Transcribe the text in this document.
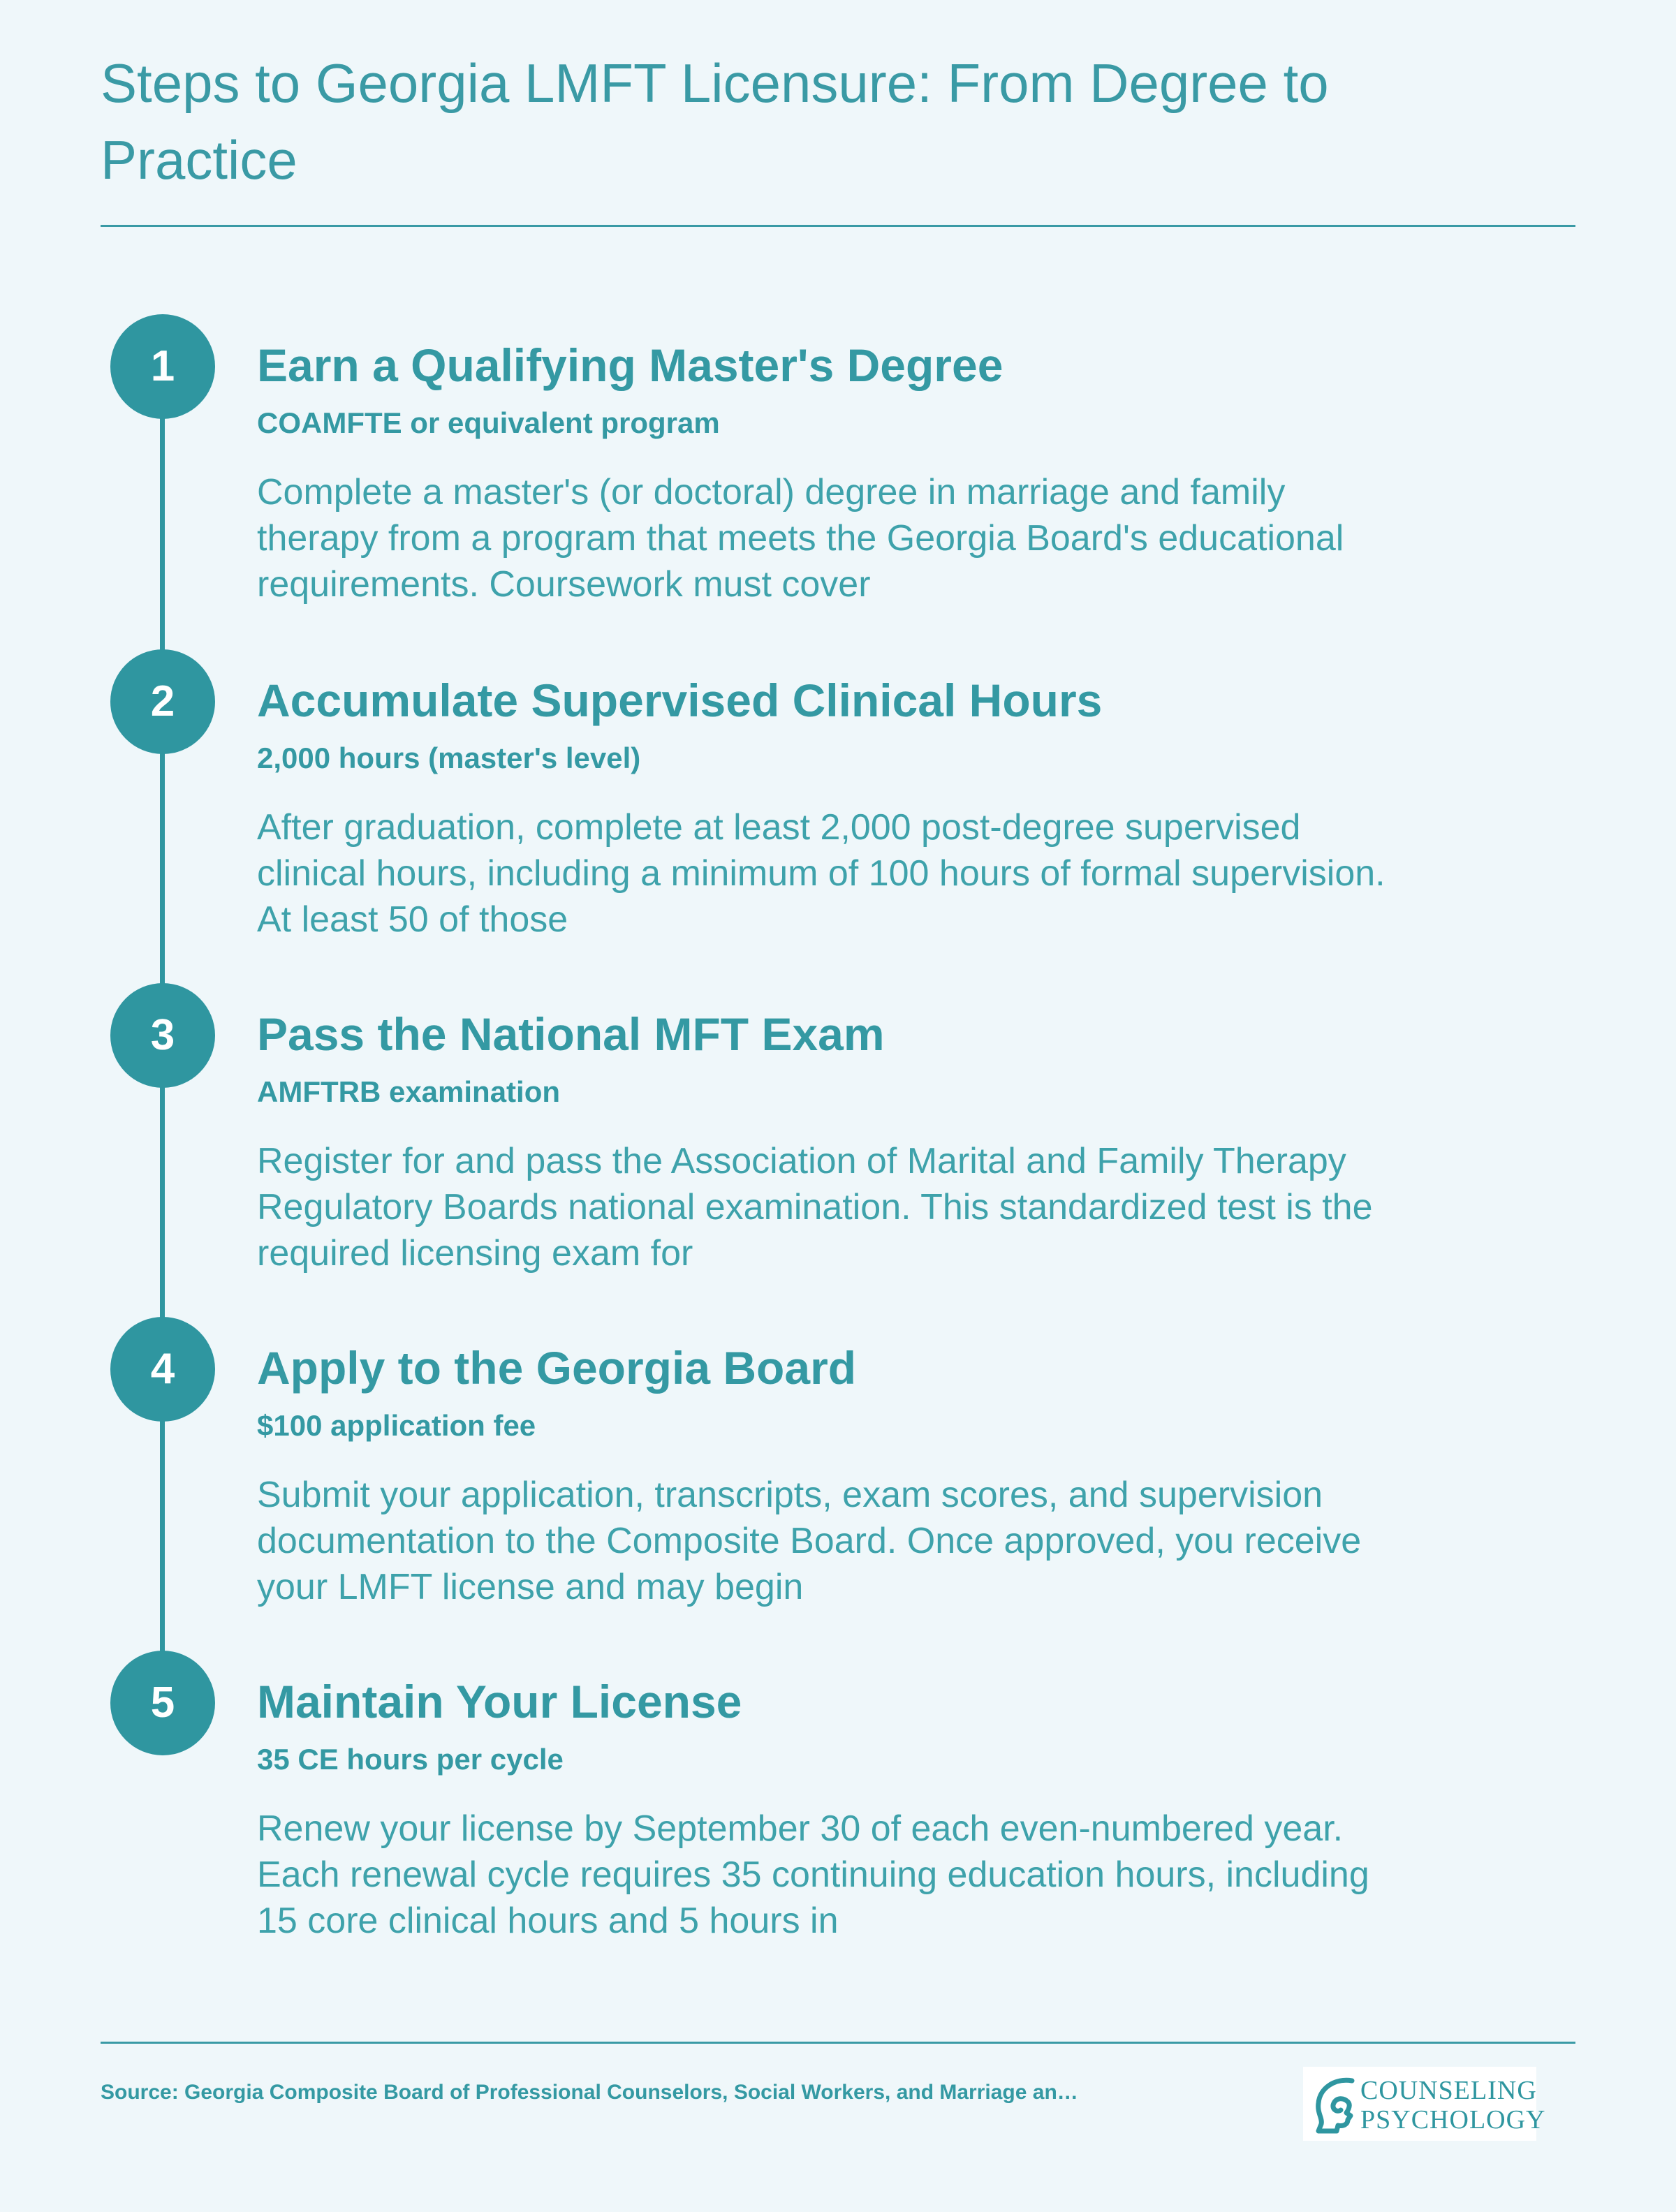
Steps to Georgia LMFT Licensure: From Degree to Practice
1	Earn a Qualifying Master's Degree

COAMFTE or equivalent program

Complete a master's (or doctoral) degree in marriage and family therapy from a program that meets the Georgia Board's educational requirements. Coursework must cover

2	Accumulate Supervised Clinical Hours

2,000 hours (master's level)

After graduation, complete at least 2,000 post-degree supervised clinical hours, including a minimum of 100 hours of formal supervision. At least 50 of those

3	Pass the National MFT Exam

AMFTRB examination

Register for and pass the Association of Marital and Family Therapy Regulatory Boards national examination. This standardized test is the required licensing exam for

4	Apply to the Georgia Board

$100 application fee

Submit your application, transcripts, exam scores, and supervision documentation to the Composite Board. Once approved, you receive your LMFT license and may begin

5	Maintain Your License

35 CE hours per cycle

Renew your license by September 30 of each even-numbered year. Each renewal cycle requires 35 continuing education hours, including 15 core clinical hours and 5 hours in

Source: Georgia Composite Board of Professional Counselors, Social Workers, and Marriage an…	COUNSELING
PSYCHOLOGY
